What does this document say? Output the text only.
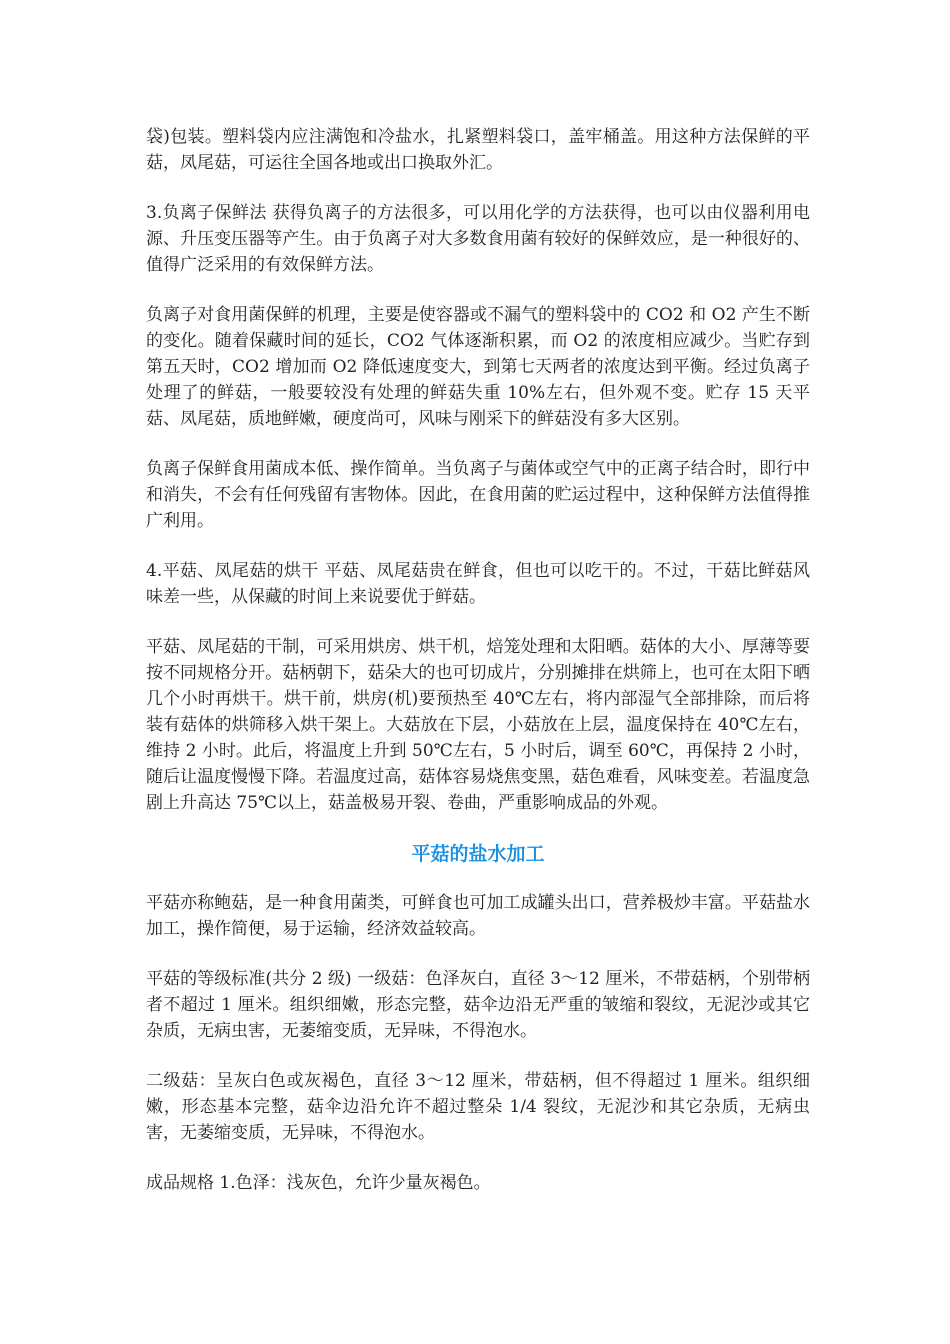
袋)包装。塑料袋内应注满饱和冷盐水，扎紧塑料袋口，盖牢桶盖。用这种方法保鲜的平菇，凤尾菇，可运往全国各地或出口换取外汇。

3.负离子保鲜法 获得负离子的方法很多，可以用化学的方法获得，也可以由仪器利用电源、升压变压器等产生。由于负离子对大多数食用菌有较好的保鲜效应，是一种很好的、值得广泛采用的有效保鲜方法。

负离子对食用菌保鲜的机理，主要是使容器或不漏气的塑料袋中的 CO2 和 O2 产生不断的变化。随着保藏时间的延长，CO2 气体逐渐积累，而 O2 的浓度相应减少。当贮存到第五天时，CO2 增加而 O2 降低速度变大，到第七天两者的浓度达到平衡。经过负离子处理了的鲜菇，一般要较没有处理的鲜菇失重 10%左右，但外观不变。贮存 15 天平菇、凤尾菇，质地鲜嫩，硬度尚可，风味与刚采下的鲜菇没有多大区别。

负离子保鲜食用菌成本低、操作简单。当负离子与菌体或空气中的正离子结合时，即行中和消失，不会有任何残留有害物体。因此，在食用菌的贮运过程中，这种保鲜方法值得推广利用。

4.平菇、凤尾菇的烘干 平菇、凤尾菇贵在鲜食，但也可以吃干的。不过，干菇比鲜菇风味差一些，从保藏的时间上来说要优于鲜菇。

平菇、凤尾菇的干制，可采用烘房、烘干机，焙笼处理和太阳晒。菇体的大小、厚薄等要按不同规格分开。菇柄朝下，菇朵大的也可切成片，分别摊排在烘筛上，也可在太阳下晒几个小时再烘干。烘干前，烘房(机)要预热至 40℃左右，将内部湿气全部排除，而后将装有菇体的烘筛移入烘干架上。大菇放在下层，小菇放在上层，温度保持在 40℃左右，维持 2 小时。此后，将温度上升到 50℃左右，5 小时后，调至 60℃，再保持 2 小时，随后让温度慢慢下降。若温度过高，菇体容易烧焦变黑，菇色难看，风味变差。若温度急剧上升高达 75℃以上，菇盖极易开裂、卷曲，严重影响成品的外观。

平菇的盐水加工

平菇亦称鲍菇，是一种食用菌类，可鲜食也可加工成罐头出口，营养极炒丰富。平菇盐水加工，操作简便，易于运输，经济效益较高。

平菇的等级标准(共分 2 级) 一级菇：色泽灰白，直径 3～12 厘米，不带菇柄，个别带柄者不超过 1 厘米。组织细嫩，形态完整，菇伞边沿无严重的皱缩和裂纹，无泥沙或其它杂质，无病虫害，无萎缩变质，无异味，不得泡水。

二级菇：呈灰白色或灰褐色，直径 3～12 厘米，带菇柄，但不得超过 1 厘米。组织细嫩，形态基本完整，菇伞边沿允许不超过整朵 1/4 裂纹，无泥沙和其它杂质，无病虫害，无萎缩变质，无异味，不得泡水。

成品规格 1.色泽：浅灰色，允许少量灰褐色。
